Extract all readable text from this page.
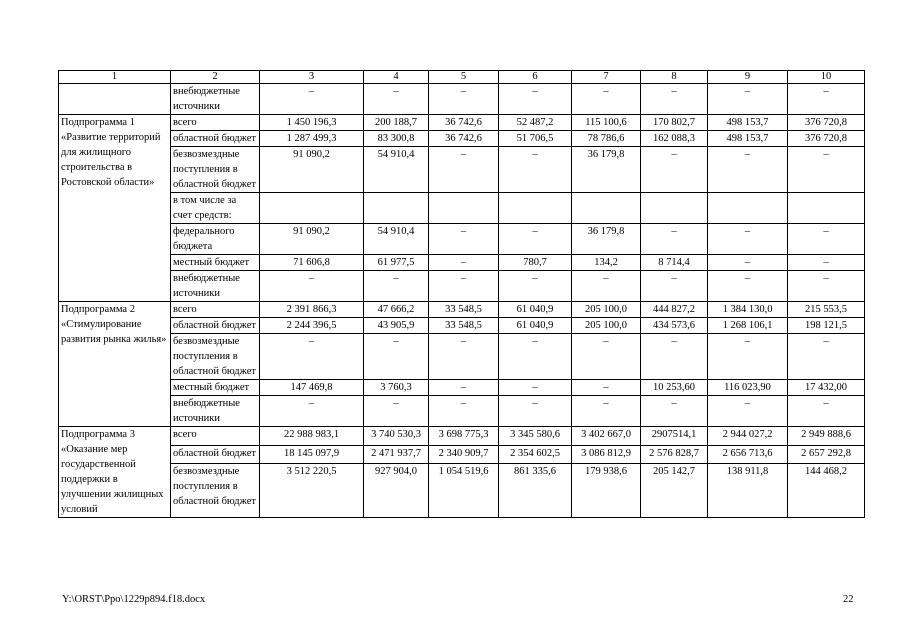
1	2	3	4	5	6	7	8	9	10
	внебюджетные источники	–	–	–	–	–	–	–	–
Подпрограмма 1 «Развитие территорий для жилищного строительства в Ростовской области»	всего	1 450 196,3	200 188,7	36 742,6	52 487,2	115 100,6	170 802,7	498 153,7	376 720,8
	областной бюджет	1 287 499,3	83 300,8	36 742,6	51 706,5	78 786,6	162 088,3	498 153,7	376 720,8
	безвозмездные поступления в областной бюджет	91 090,2	54 910,4	–	–	36 179,8	–	–	–
	в том числе за счет средств:								
	федерального бюджета	91 090,2	54 910,4	–	–	36 179,8	–	–	–
	местный бюджет	71 606,8	61 977,5	–	780,7	134,2	8 714,4	–	–
	внебюджетные источники	–	–	–	–	–	–	–	–
Подпрограмма 2 «Стимулирование развития рынка жилья»	всего	2 391 866,3	47 666,2	33 548,5	61 040,9	205 100,0	444 827,2	1 384 130,0	215 553,5
	областной бюджет	2 244 396,5	43 905,9	33 548,5	61 040,9	205 100,0	434 573,6	1 268 106,1	198 121,5
	безвозмездные поступления в областной бюджет	–	–	–	–	–	–	–	–
	местный бюджет	147 469,8	3 760,3	–	–	–	10 253,60	116 023,90	17 432,00
	внебюджетные источники	–	–	–	–	–	–	–	–
Подпрограмма 3 «Оказание мер государственной поддержки в улучшении жилищных условий	всего	22 988 983,1	3 740 530,3	3 698 775,3	3 345 580,6	3 402 667,0	2907514,1	2 944 027,2	2 949 888,6
	областной бюджет	18 145 097,9	2 471 937,7	2 340 909,7	2 354 602,5	3 086 812,9	2 576 828,7	2 656 713,6	2 657 292,8
	безвозмездные поступления в областной бюджет	3 512 220,5	927 904,0	1 054 519,6	861 335,6	179 938,6	205 142,7	138 911,8	144 468,2
Y:\ORST\Ppo\1229p894.f18.docx	22
